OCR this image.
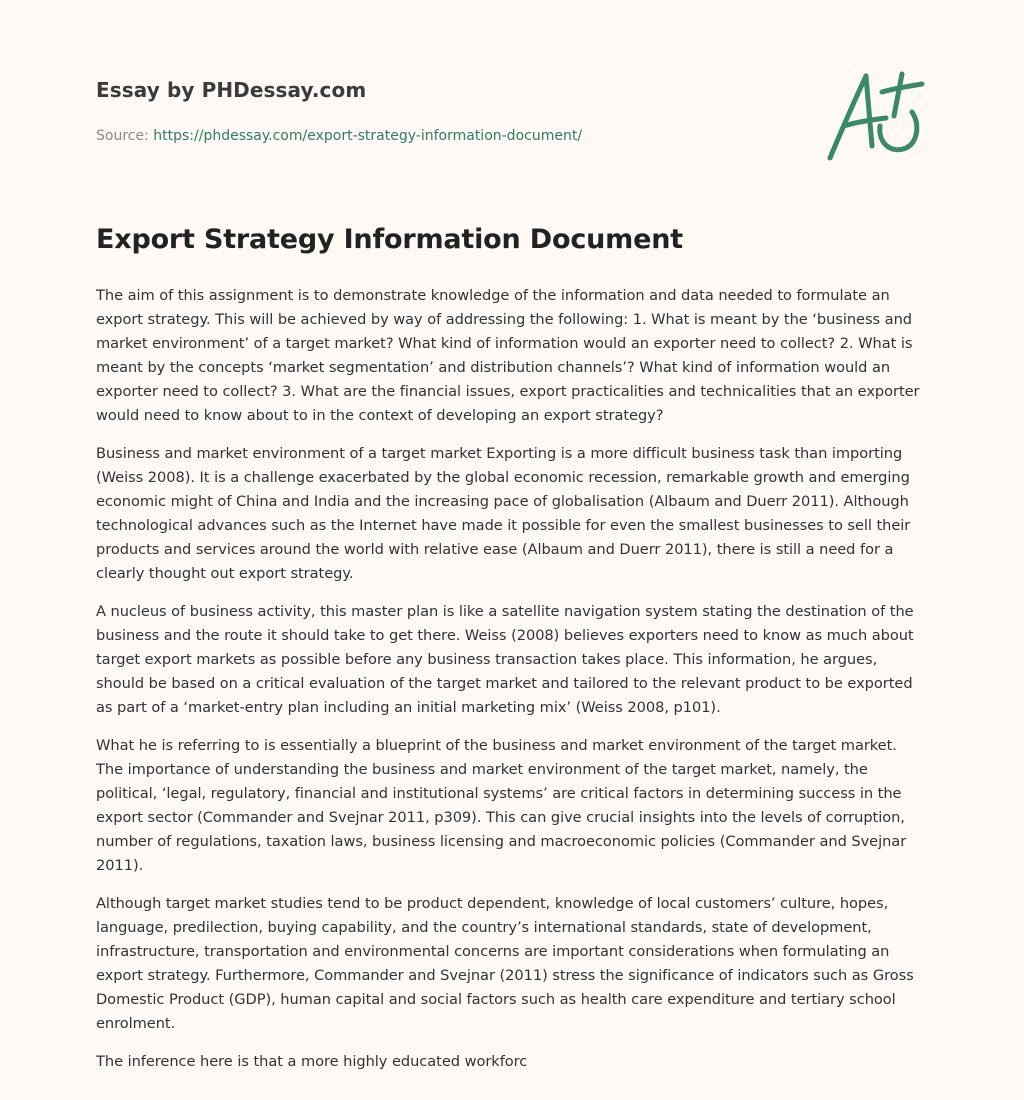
Essay by PHDessay.com
Source: https://phdessay.com/export-strategy-information-document/
Export Strategy Information Document

The aim of this assignment is to demonstrate knowledge of the information and data needed to formulate an export strategy. This will be achieved by way of addressing the following: 1. What is meant by the ‘business and market environment’ of a target market? What kind of information would an exporter need to collect? 2. What is meant by the concepts ‘market segmentation’ and distribution channels’? What kind of information would an exporter need to collect? 3. What are the financial issues, export practicalities and technicalities that an exporter would need to know about to in the context of developing an export strategy?

Business and market environment of a target market Exporting is a more difficult business task than importing (Weiss 2008). It is a challenge exacerbated by the global economic recession, remarkable growth and emerging economic might of China and India and the increasing pace of globalisation (Albaum and Duerr 2011). Although technological advances such as the Internet have made it possible for even the smallest businesses to sell their products and services around the world with relative ease (Albaum and Duerr 2011), there is still a need for a clearly thought out export strategy.

A nucleus of business activity, this master plan is like a satellite navigation system stating the destination of the business and the route it should take to get there. Weiss (2008) believes exporters need to know as much about target export markets as possible before any business transaction takes place. This information, he argues, should be based on a critical evaluation of the target market and tailored to the relevant product to be exported as part of a ‘market-entry plan including an initial marketing mix’ (Weiss 2008, p101).

What he is referring to is essentially a blueprint of the business and market environment of the target market. The importance of understanding the business and market environment of the target market, namely, the political, ‘legal, regulatory, financial and institutional systems’ are critical factors in determining success in the export sector (Commander and Svejnar 2011, p309). This can give crucial insights into the levels of corruption, number of regulations, taxation laws, business licensing and macroeconomic policies (Commander and Svejnar 2011).

Although target market studies tend to be product dependent, knowledge of local customers’ culture, hopes, language, predilection, buying capability, and the country’s international standards, state of development, infrastructure, transportation and environmental concerns are important considerations when formulating an export strategy. Furthermore, Commander and Svejnar (2011) stress the significance of indicators such as Gross Domestic Product (GDP), human capital and social factors such as health care expenditure and tertiary school enrolment.

The inference here is that a more highly educated workforc
